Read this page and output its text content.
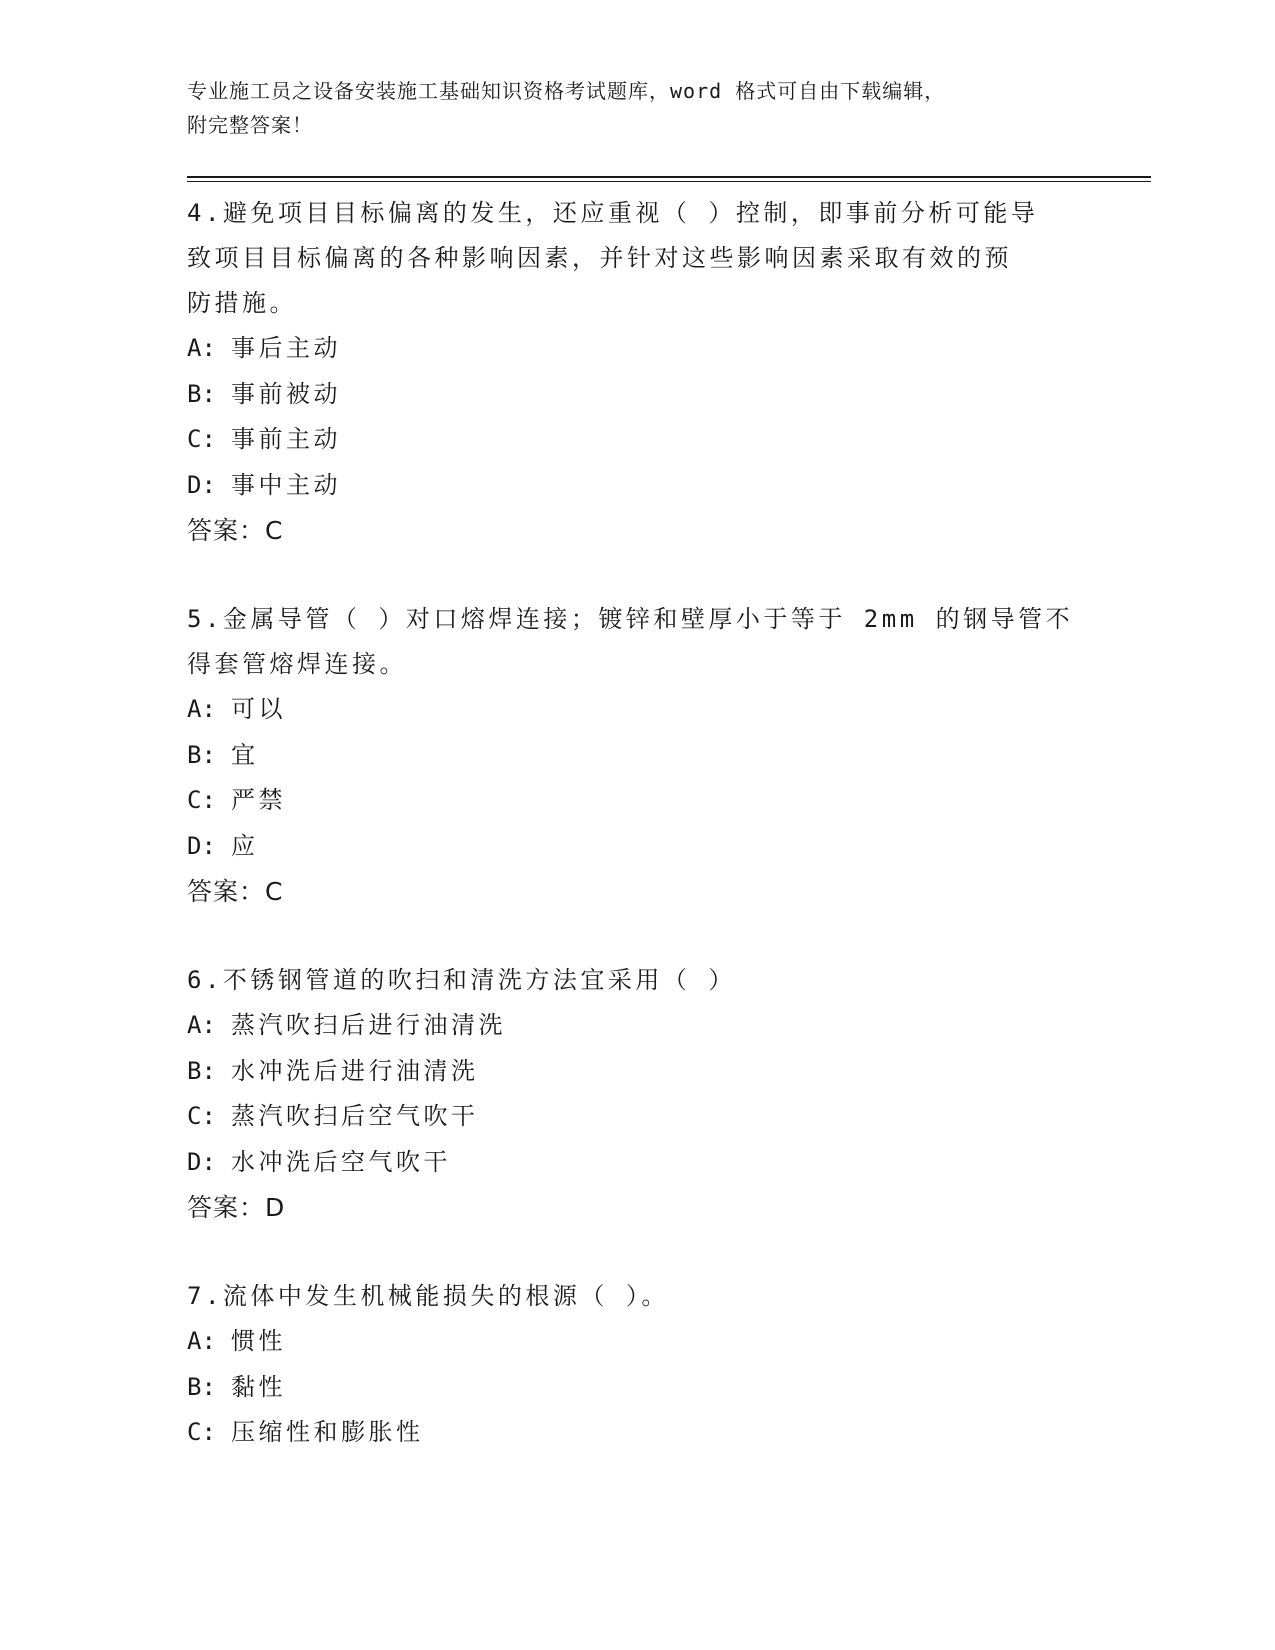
专业施工员之设备安装施工基础知识资格考试题库，word 格式可自由下载编辑，
附完整答案！
4.避免项目目标偏离的发生，还应重视（ ）控制，即事前分析可能导
致项目目标偏离的各种影响因素，并针对这些影响因素采取有效的预
防措施。
A: 事后主动
B: 事前被动
C: 事前主动
D: 事中主动
答案：C
5.金属导管（ ）对口熔焊连接；镀锌和壁厚小于等于 2mm 的钢导管不
得套管熔焊连接。
A: 可以
B: 宜
C: 严禁
D: 应
答案：C
6.不锈钢管道的吹扫和清洗方法宜采用（ ）
A: 蒸汽吹扫后进行油清洗
B: 水冲洗后进行油清洗
C: 蒸汽吹扫后空气吹干
D: 水冲洗后空气吹干
答案：D
7.流体中发生机械能损失的根源（ ）。
A: 惯性
B: 黏性
C: 压缩性和膨胀性
